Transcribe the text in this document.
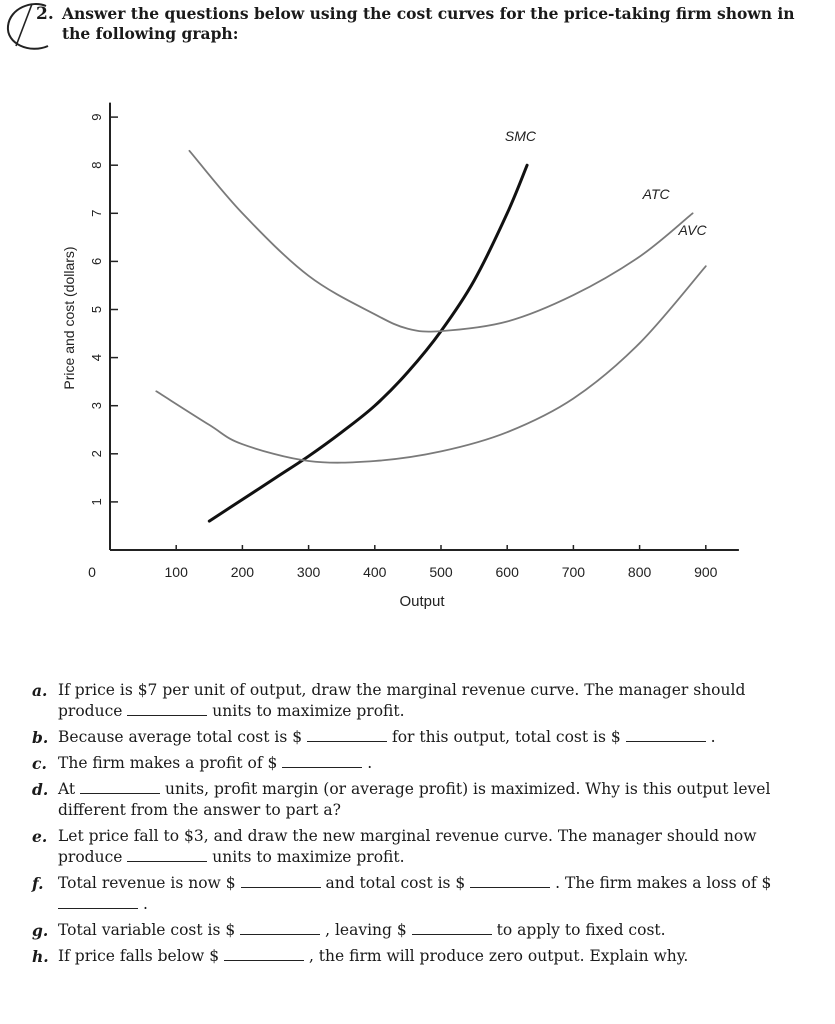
2. Answer the questions below using the cost curves for the price-taking firm shown in the following graph:
0	100	200	300	400	500	600	700	800	900
1
2
3
4
5
6
7
8
9
SMC
ATC
AVC
Output
Price and cost (dollars)
a. If price is $7 per unit of output, draw the marginal revenue curve. The manager should produce	units to maximize profit.
b. Because average total cost is $	for this output, total cost is $	.
c. The firm makes a profit of $	.
d. At	units, profit margin (or average profit) is maximized. Why is this output level different from the answer to part a?
e. Let price fall to $3, and draw the new marginal revenue curve. The manager should now produce	units to maximize profit.
f. Total revenue is now $	and total cost is $	. The firm makes a loss of $  .
g. Total variable cost is $	, leaving $	to apply to fixed cost.
h. If price falls below $	, the firm will produce zero output. Explain why.
